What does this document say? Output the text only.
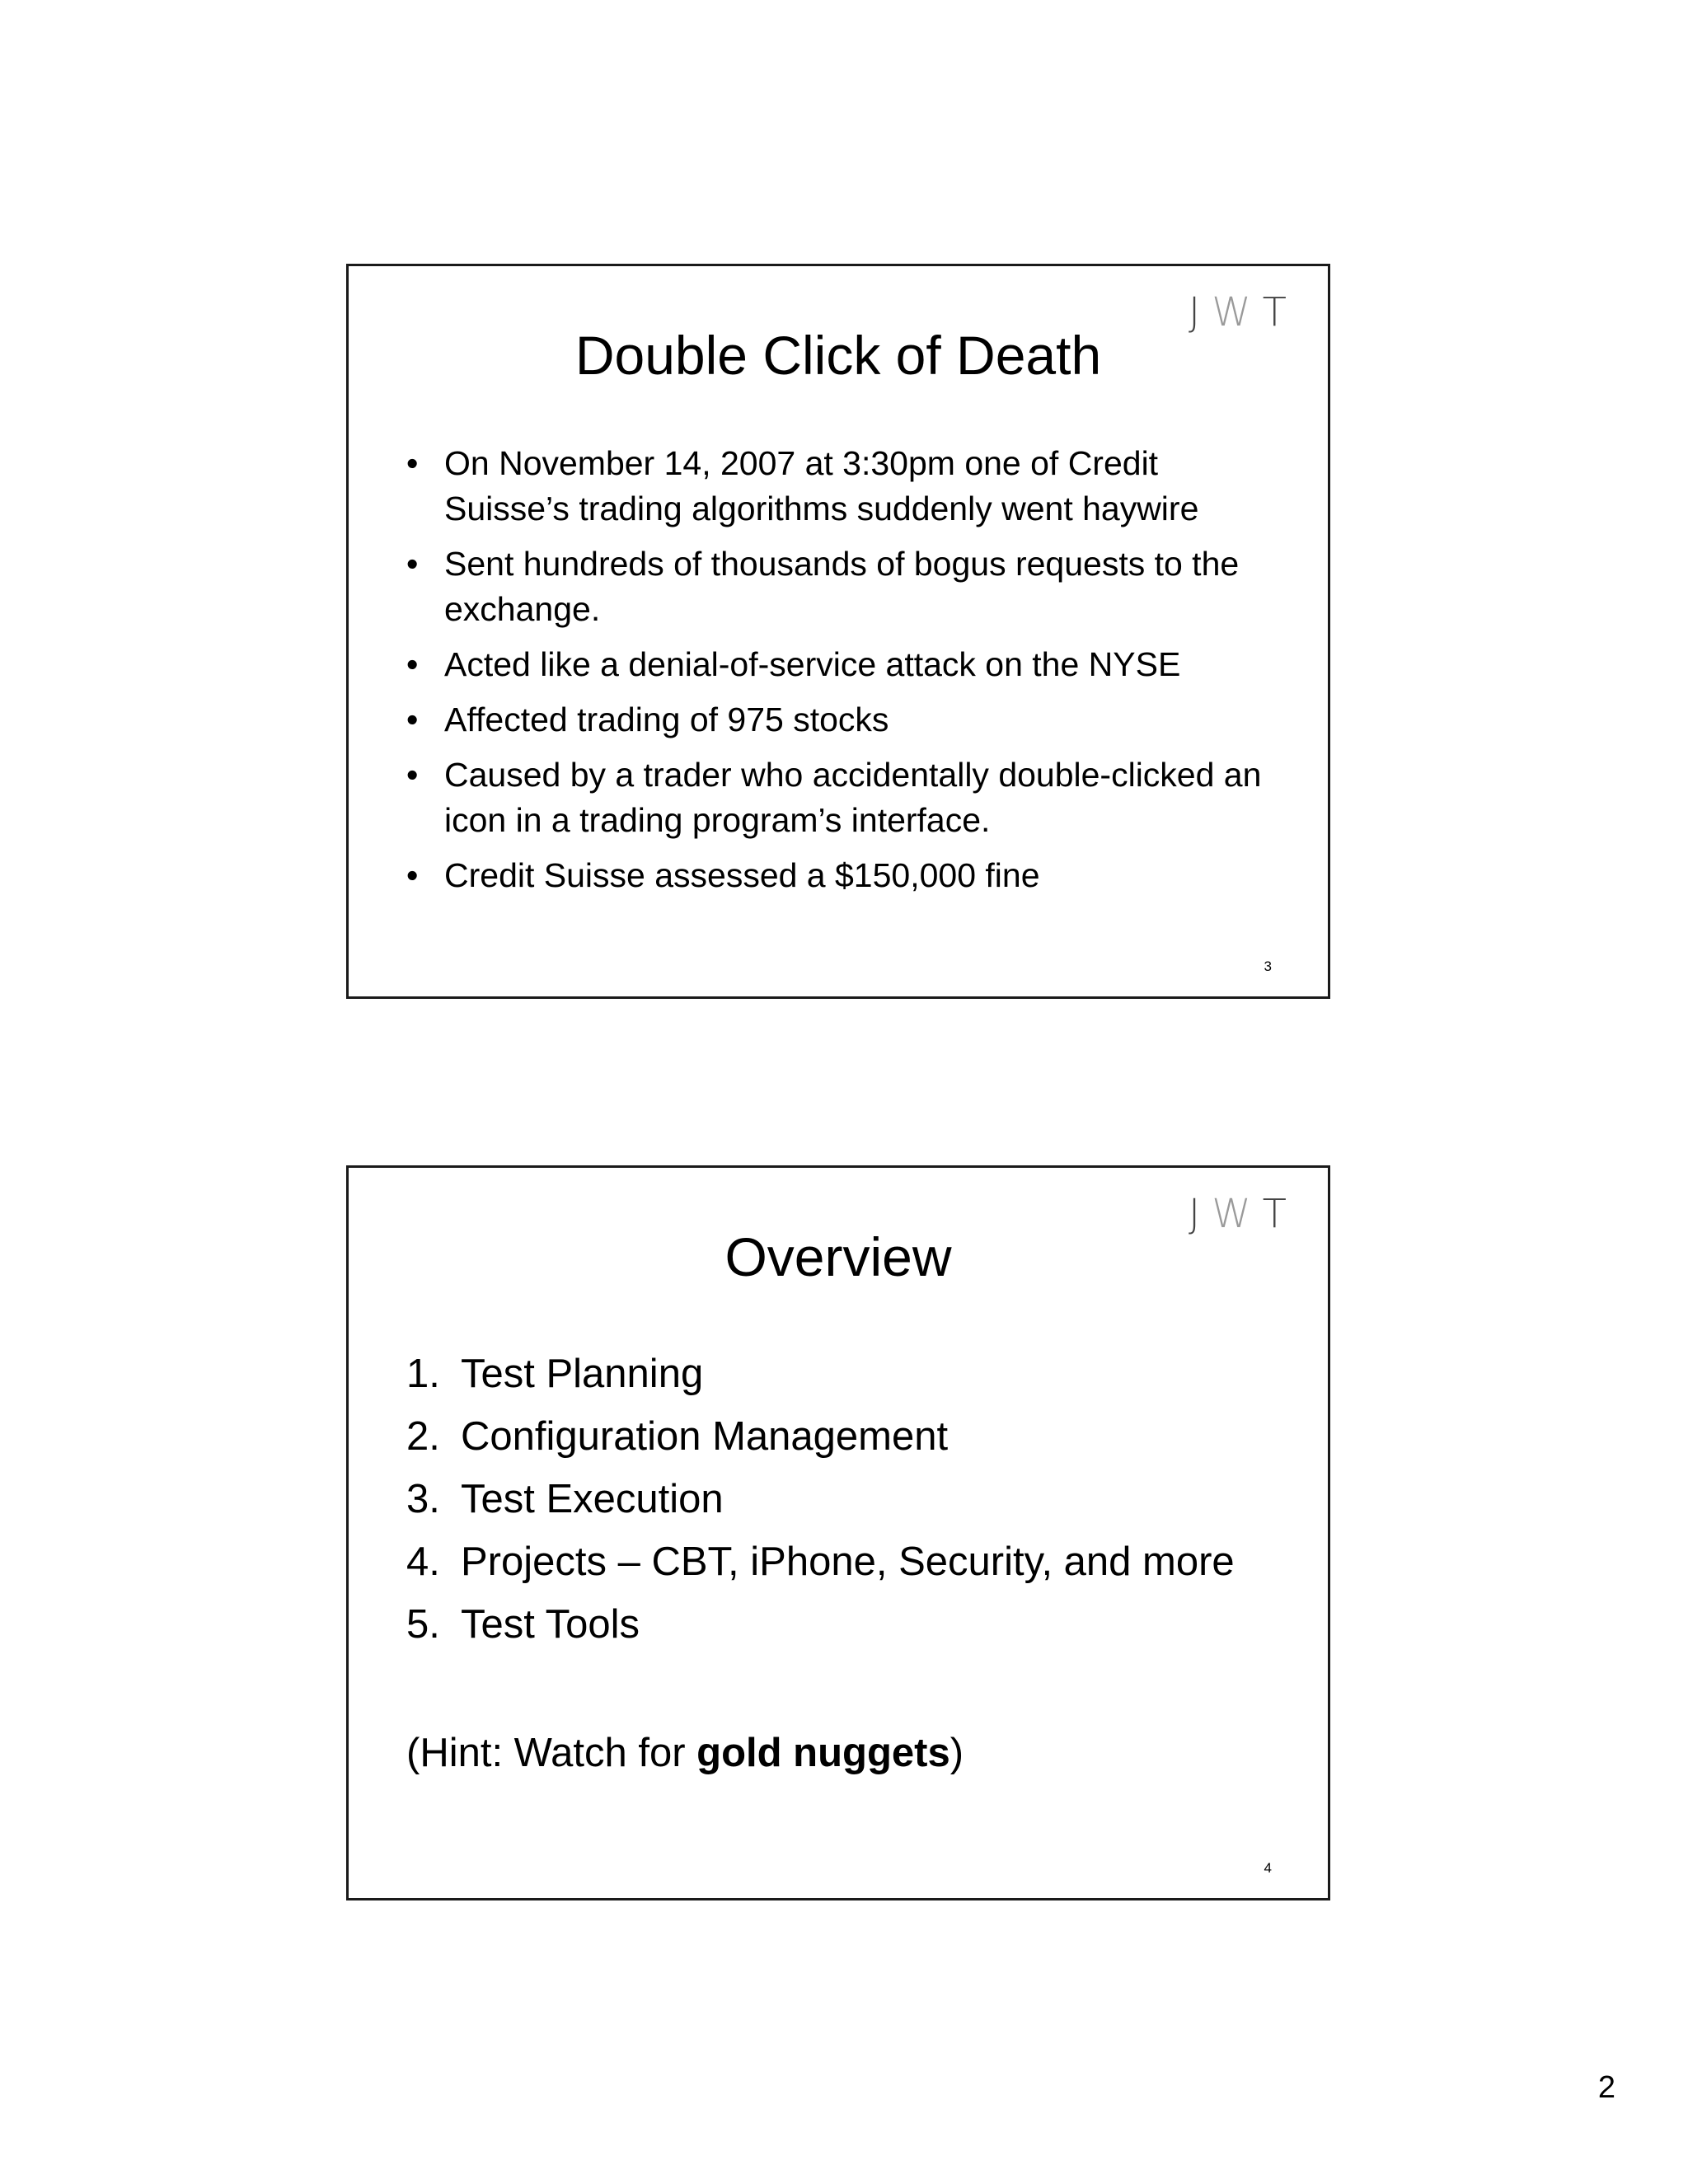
JWT
Double Click of Death
• On November 14, 2007 at 3:30pm one of Credit Suisse’s trading algorithms suddenly went haywire
• Sent hundreds of thousands of bogus requests to the exchange.
• Acted like a denial-of-service attack on the NYSE
• Affected trading of 975 stocks
• Caused by a trader who accidentally double-clicked an icon in a trading program’s interface.
• Credit Suisse assessed a $150,000 fine
3
JWT
Overview
1. Test Planning
2. Configuration Management
3. Test Execution
4. Projects – CBT, iPhone, Security, and more
5. Test Tools
(Hint: Watch for gold nuggets)
4
2
